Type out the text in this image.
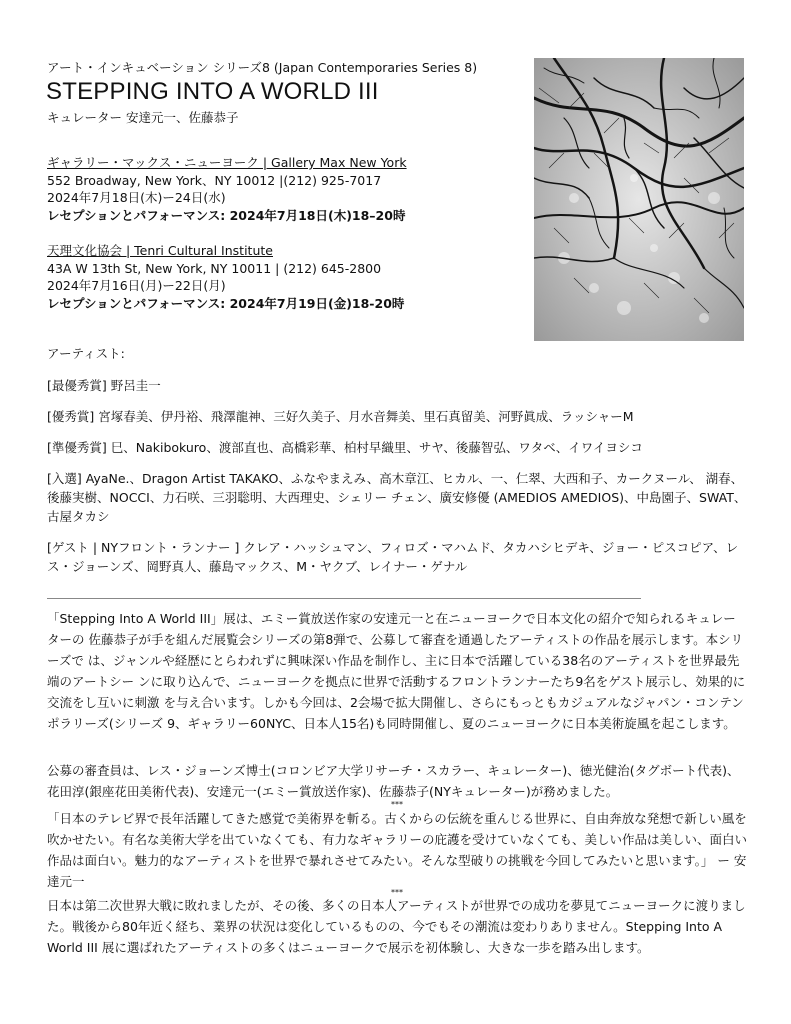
アート・インキュベーション シリーズ8 (Japan Contemporaries Series 8)
STEPPING INTO A WORLD III
キュレーター 安達元一、佐藤恭子
ギャラリー・マックス・ニューヨーク | Gallery Max New York
552 Broadway, New York、NY 10012 |(212) 925-7017
2024年7月18日(木)ー24日(水)
レセプションとパフォーマンス: 2024年7月18日(木)18–20時
天理文化協会 | Tenri Cultural Institute
43A W 13th St, New York, NY 10011 | (212) 645-2800
2024年7月16日(月)ー22日(月)
レセプションとパフォーマンス: 2024年7月19日(金)18-20時
アーティスト:

[最優秀賞] 野呂圭一

[優秀賞] 宮塚春美、伊丹裕、飛澤龍神、三好久美子、月水音舞美、里石真留美、河野眞成、ラッシャーM

[準優秀賞] 巳、Nakibokuro、渡部直也、高橋彩華、柏村早織里、サヤ、後藤智弘、ワタベ、イワイヨシコ

[入選] AyaNe.、Dragon Artist TAKAKO、ふなやまえみ、高木章江、ヒカル、一、仁翠、大西和子、カークヌール、 湖春、後藤実樹、NOCCI、力石咲、三羽聡明、大西理史、シェリー チェン、廣安修優 (AMEDIOS AMEDIOS)、中島園子、SWAT、古屋タカシ

[ゲスト | NYフロント・ランナー ] クレア・ハッシュマン、フィロズ・マハムド、タカハシヒデキ、ジョー・ピスコピア、レス・ジョーンズ、岡野真人、藤島マックス、M・ヤクブ、レイナー・ゲナル

「Stepping Into A World III」展は、エミー賞放送作家の安達元一と在ニューヨークで日本文化の紹介で知られるキュレーターの 佐藤恭子が手を組んだ展覧会シリーズの第8弾で、公募して審査を通過したアーティストの作品を展示します。本シリーズで は、ジャンルや経歴にとらわれずに興味深い作品を制作し、主に日本で活躍している38名のアーティストを世界最先端のアートシー ンに取り込んで、ニューヨークを拠点に世界で活動するフロントランナーたち9名をゲスト展示し、効果的に交流をし互いに刺激 を与え合います。しかも今回は、2会場で拡大開催し、さらにもっともカジュアルなジャパン・コンテンポラリーズ(シリーズ 9、ギャラリー60NYC、日本人15名)も同時開催し、夏のニューヨークに日本美術旋風を起こします。

公募の審査員は、レス・ジョーンズ博士(コロンビア大学リサーチ・スカラー、キュレーター)、徳光健治(タグボート代表)、 花田淳(銀座花田美術代表)、安達元一(エミー賞放送作家)、佐藤恭子(NYキュレーター)が務めました。

***

「日本のテレビ界で長年活躍してきた感覚で美術界を斬る。古くからの伝統を重んじる世界に、自由奔放な発想で新しい風を 吹かせたい。有名な美術大学を出ていなくても、有力なギャラリーの庇護を受けていなくても、美しい作品は美しい、面白い 作品は面白い。魅力的なアーティストを世界で暴れさせてみたい。そんな型破りの挑戦を今回してみたいと思います。」 ー 安達元一

***

日本は第二次世界大戦に敗れましたが、その後、多くの日本人アーティストが世界での成功を夢見てニューヨークに渡りまし た。戦後から80年近く経ち、業界の状況は変化しているものの、今でもその潮流は変わりありません。Stepping Into A World III 展に選ばれたアーティストの多くはニューヨークで展示を初体験し、大きな一歩を踏み出します。
